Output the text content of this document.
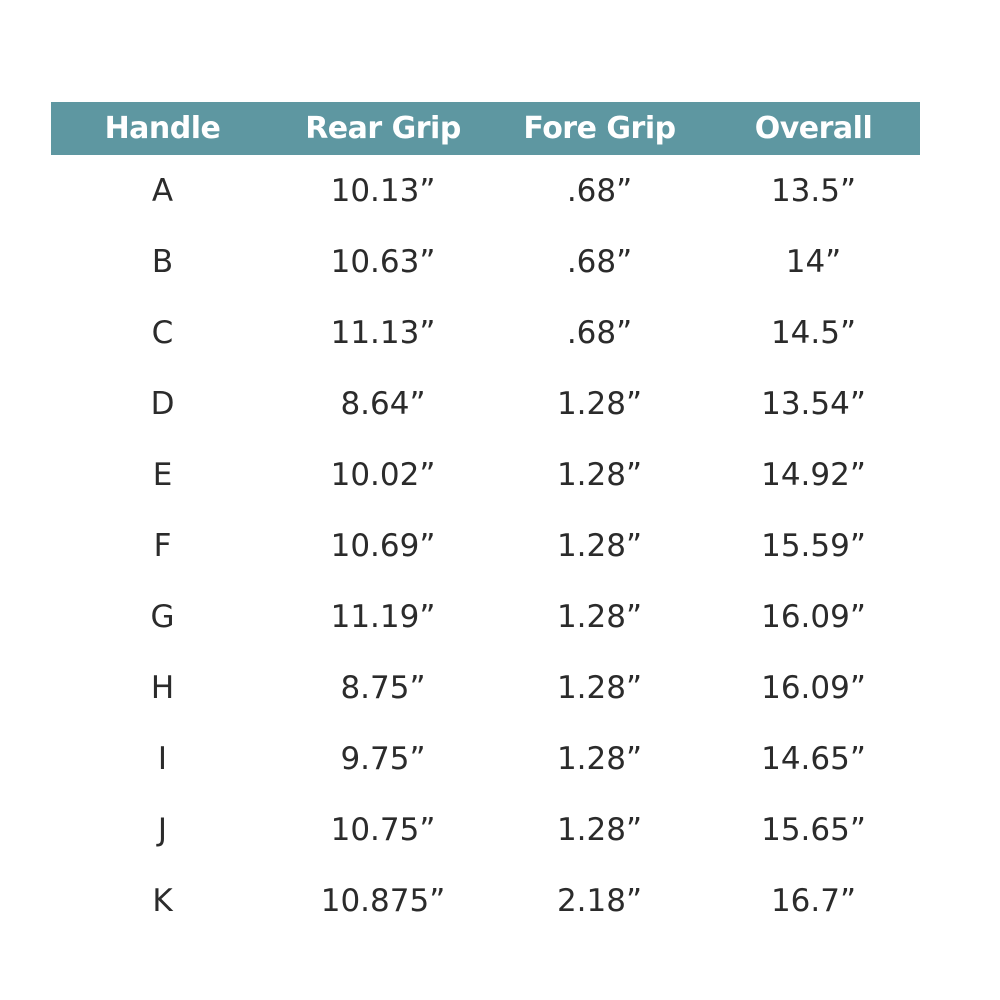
Handle	Rear Grip	Fore Grip	Overall
A	10.13”	.68”	13.5”
B	10.63”	.68”	14”
C	11.13”	.68”	14.5”
D	8.64”	1.28”	13.54”
E	10.02”	1.28”	14.92”
F	10.69”	1.28”	15.59”
G	11.19”	1.28”	16.09”
H	8.75”	1.28”	16.09”
I	9.75”	1.28”	14.65”
J	10.75”	1.28”	15.65”
K	10.875”	2.18”	16.7”
